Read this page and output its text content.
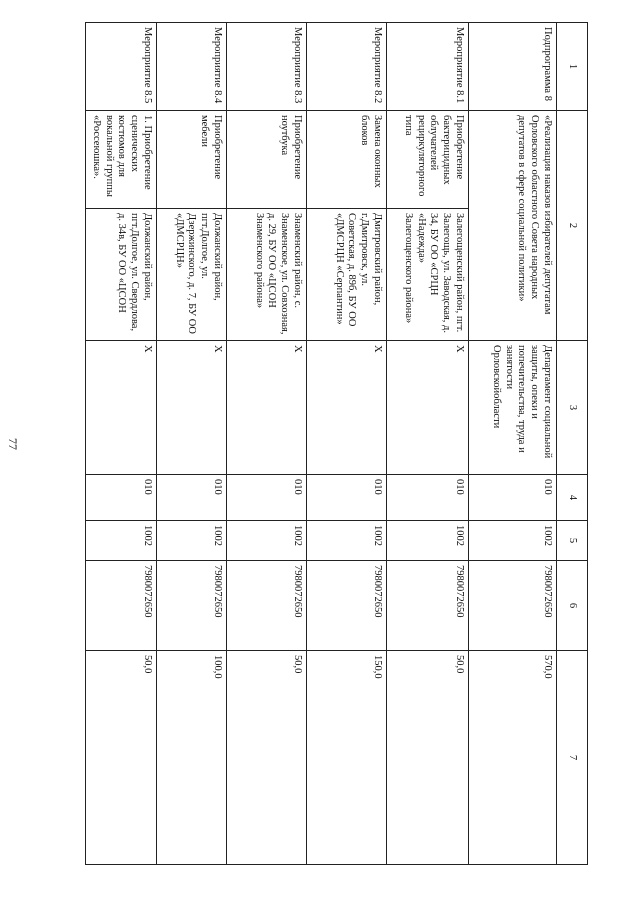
77
1	2		3	4	5	6	7
Подпрограмма 8	«Реализация наказов избирателей депутатам Орловского областного Совета народных депутатов в сфере социальной политики»		Департамент социальной защиты, опеки и попечительства, труда и занятости Орловскойобласти	010	1002	7980072650	570,0
Мероприятие 8.1	Приобретение бактерицидных облучателей рециркуляторного типа	Залегощенский район, пгт. Залегощь, ул. Заводская, д. 34, БУ ОО «СРЦН «Надежда» Залегощенского района»	X	010	1002	7980072650	50,0
Мероприятие 8.2	Замена оконных блоков	Дмитровский район, г.Дмитровск, ул. Советская, д. 89б, БУ ОО «ДМСРЦН «Серпантин»	X	010	1002	7980072650	150,0
Мероприятие 8.3	Приобретение ноутбука	Знаменский район, с. Знаменское, ул. Совхозная, д. 29, БУ ОО «ЦСОН Знаменского района»	X	010	1002	7980072650	50,0
Мероприятие 8.4	Приобретение мебели	Должанский район, пгт.Долгое, ул. Дзержинского, д. 7, БУ ОО «ДМСРЦН»	X	010	1002	7980072650	100,0
Мероприятие 8.5	1. Приобретение сценических костюмов для вокальной группы «Россеюшка».	Должанский район, пгт.Долгое, ул. Свердлова, д. 34в, БУ ОО «ЦСОН	X	010	1002	7980072650	50,0
